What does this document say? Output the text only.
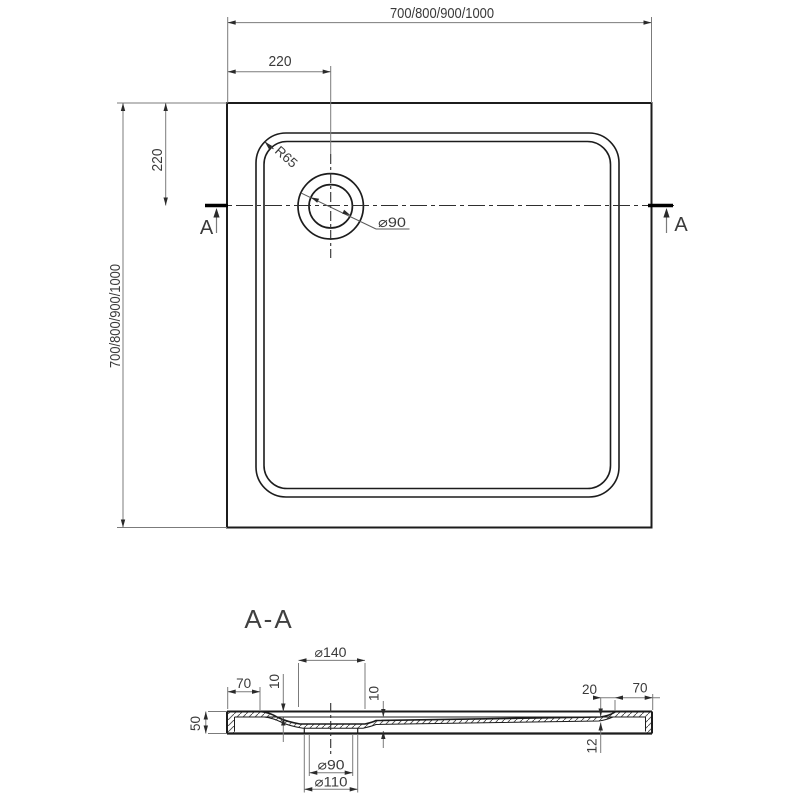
A	A
700/800/900/1000
220
700/800/900/1000
220	R65
⌀90
A-A
⌀140
70 10
10
50
20	70
12
⌀90
⌀110
